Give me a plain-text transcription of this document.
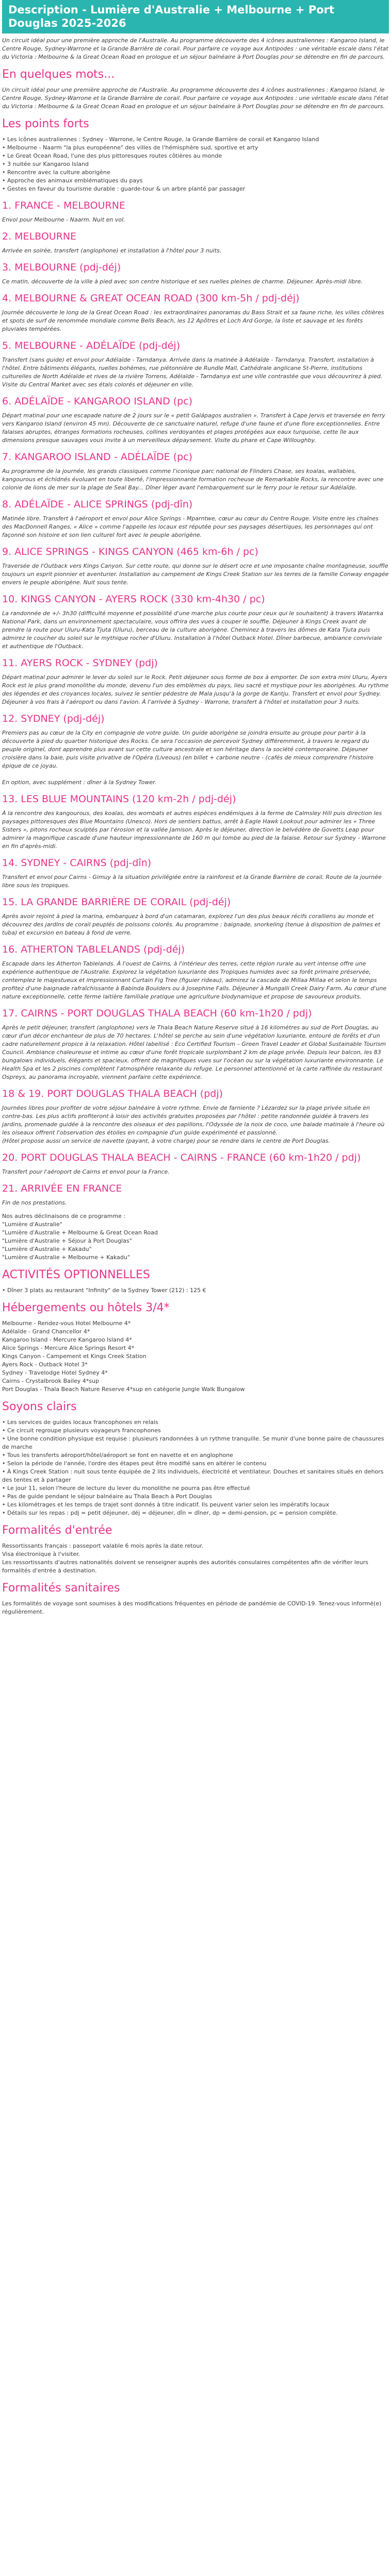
Description - Lumière d'Australie + Melbourne + Port Douglas 2025-2026

Un circuit idéal pour une première approche de l'Australie. Au programme découverte des 4 icônes australiennes : Kangaroo Island, le Centre Rouge, Sydney-Warrone et la Grande Barrière de corail. Pour parfaire ce voyage aux Antipodes : une véritable escale dans l'état du Victoria : Melbourne & la Great Ocean Road en prologue et un séjour balnéaire à Port Douglas pour se détendre en fin de parcours.

En quelques mots...

Un circuit idéal pour une première approche de l'Australie. Au programme découverte des 4 icônes australiennes : Kangaroo Island, le Centre Rouge, Sydney-Warrone et la Grande Barrière de corail. Pour parfaire ce voyage aux Antipodes : une véritable escale dans l'état du Victoria : Melbourne & la Great Ocean Road en prologue et un séjour balnéaire à Port Douglas pour se détendre en fin de parcours.

Les points forts
• Les icônes australiennes : Sydney - Warrone, le Centre Rouge, la Grande Barrière de corail et Kangaroo Island
• Melbourne - Naarm "la plus européenne" des villes de l'hémisphère sud, sportive et arty
• Le Great Ocean Road, l'une des plus pittoresques routes côtières au monde
• 3 nuitée sur Kangaroo Island
• Rencontre avec la culture aborigène
• Approche des animaux emblématiques du pays
• Gestes en faveur du tourisme durable : guarde-tour & un arbre planté par passager
1. FRANCE - MELBOURNE

Envol pour Melbourne - Naarm. Nuit en vol.

2. MELBOURNE

Arrivée en soirée, transfert (anglophone) et installation à l'hôtel pour 3 nuits.

3. MELBOURNE (pdj-déj)

Ce matin, découverte de la ville à pied avec son centre historique et ses ruelles pleines de charme. Déjeuner. Après-midi libre.

4. MELBOURNE & GREAT OCEAN ROAD (300 km-5h / pdj-déj)

Journée découverte le long de la Great Ocean Road : les extraordinaires panoramas du Bass Strait et sa faune riche, les villes côtières et spots de surf de renommée mondiale comme Bells Beach, les 12 Apôtres et Loch Ard Gorge, la liste et sauvage et les forêts pluviales tempérées.

5. MELBOURNE - ADÉLAÏDE (pdj-déj)

Transfert (sans guide) et envol pour Adélaïde - Tarndanya. Arrivée dans la matinée à Adélaïde - Tarndanya. Transfert, installation à l'hôtel. Entre bâtiments élégants, ruelles bohèmes, rue piétonnière de Rundle Mall, Cathédrale anglicane St-Pierre, institutions culturelles de North Adélaïde et rives de la rivière Torrens, Adélaïde - Tarndanya est une ville contrastée que vous découvrirez à pied. Visite du Central Market avec ses étals colorés et déjeuner en ville.

6. ADÉLAÏDE - KANGAROO ISLAND (pc)

Départ matinal pour une escapade nature de 2 jours sur le « petit Galápagos australien ». Transfert à Cape Jervis et traversée en ferry vers Kangaroo Island (environ 45 mn). Découverte de ce sanctuaire naturel, refuge d'une faune et d'une flore exceptionnelles. Entre falaises abruptes, étranges formations rocheuses, collines verdoyantes et plages protégées aux eaux turquoise, cette île aux dimensions presque sauvages vous invite à un merveilleux dépaysement. Visite du phare et Cape Willoughby.

7. KANGAROO ISLAND - ADÉLAÏDE (pc)

Au programme de la journée, les grands classiques comme l'iconique parc national de Flinders Chase, ses koalas, wallabies, kangourous et échidnés évoluant en toute liberté, l'impressionnante formation rocheuse de Remarkable Rocks, la rencontre avec une colonie de lions de mer sur la plage de Seal Bay... Dîner léger avant l'embarquement sur le ferry pour le retour sur Adélaïde.

8. ADÉLAÏDE - ALICE SPRINGS (pdj-dîn)

Matinée libre. Transfert à l'aéroport et envol pour Alice Springs - Mparntwe, cœur au cœur du Centre Rouge. Visite entre les chaînes des MacDonnell Ranges, « Alice » comme l'appelle les locaux est réputée pour ses paysages désertiques, les personnages qui ont façonné son histoire et son lien culturel fort avec le peuple aborigène.

9. ALICE SPRINGS - KINGS CANYON (465 km-6h / pc)

Traversée de l'Outback vers Kings Canyon. Sur cette route, qui donne sur le désert ocre et une imposante chaîne montagneuse, souffle toujours un esprit pionnier et aventurier. Installation au campement de Kings Creek Station sur les terres de la famille Conway engagée envers le peuple aborigène. Nuit sous tente.

10. KINGS CANYON - AYERS ROCK (330 km-4h30 / pc)

La randonnée de +/- 3h30 (difficulté moyenne et possibilité d'une marche plus courte pour ceux qui le souhaitent) à travers Watarrka National Park, dans un environnement spectaculaire, vous offrira des vues à couper le souffle. Déjeuner à Kings Creek avant de prendre la route pour Uluru-Kata Tjuta (Uluru), berceau de la culture aborigène. Cheminez à travers les dômes de Kata Tjuta puis admirez le coucher du soleil sur le mythique rocher d'Uluru. Installation à l'hôtel Outback Hotel. Dîner barbecue, ambiance conviviale et authentique de l'Outback.

11. AYERS ROCK - SYDNEY (pdj)

Départ matinal pour admirer le lever du soleil sur le Rock. Petit déjeuner sous forme de box à emporter. De son extra mini Uluru, Ayers Rock est le plus grand monolithe du monde, devenu l'un des emblèmes du pays, lieu sacré et mystique pour les aborigènes. Au rythme des légendes et des croyances locales, suivez le sentier pédestre de Mala jusqu'à la gorge de Kantju. Transfert et envol pour Sydney. Déjeuner à vos frais à l'aéroport ou dans l'avion. À l'arrivée à Sydney - Warrone, transfert à l'hôtel et installation pour 3 nuits.

12. SYDNEY (pdj-déj)

Premiers pas au cœur de la City en compagnie de votre guide. Un guide aborigène se joindra ensuite au groupe pour partir à la découverte à pied du quartier historique des Rocks. Ce sera l'occasion de percevoir Sydney différemment, à travers le regard du peuple originel, dont apprendre plus avant sur cette culture ancestrale et son héritage dans la société contemporaine. Déjeuner croisière dans la baie, puis visite privative de l'Opéra (Liveous) (en billet + carbone neutre - (cafés de mieux comprendre l'histoire épique de ce joyau.

En option, avec supplément : dîner à la Sydney Tower.

13. LES BLUE MOUNTAINS (120 km-2h / pdj-déj)

À la rencontre des kangourous, des koalas, des wombats et autres espèces endémiques à la ferme de Calmsley Hill puis direction les paysages pittoresques des Blue Mountains (Unesco). Hors de sentiers battus, arrêt à Eagle Hawk Lookout pour admirer les « Three Sisters », pitons rocheux sculptés par l'érosion et la vallée Jamison. Après le déjeuner, direction le belvédère de Govetts Leap pour admirer la magnifique cascade d'une hauteur impressionnante de 160 m qui tombe au pied de la falaise. Retour sur Sydney - Warrone en fin d'après-midi.

14. SYDNEY - CAIRNS (pdj-dîn)

Transfert et envol pour Cairns - Gimuy à la situation privilégiée entre la rainforest et la Grande Barrière de corail. Route de la journée libre sous les tropiques.

15. LA GRANDE BARRIÈRE DE CORAIL (pdj-déj)

Après avoir rejoint à pied la marina, embarquez à bord d'un catamaran, explorez l'un des plus beaux récifs coralliens au monde et découvrez des jardins de corail peuplés de poissons colorés. Au programme : baignade, snorkeling (tenue à disposition de palmes et tuba) et excursion en bateau à fond de verre.

16. ATHERTON TABLELANDS (pdj-déj)

Escapade dans les Atherton Tablelands. À l'ouest de Cairns, à l'intérieur des terres, cette région rurale au vert intense offre une expérience authentique de l'Australie. Explorez la végétation luxuriante des Tropiques humides avec sa forêt primaire préservée, contemplez le majestueux et impressionnant Curtain Fig Tree (figuier rideau), admirez la cascade de Millaa Millaa et selon le temps profitez d'une baignade rafraîchissante à Babinda Boulders ou à Josephine Falls. Déjeuner à Mungalli Creek Dairy Farm. Au cœur d'une nature exceptionnelle, cette ferme laitière familiale pratique une agriculture biodynamique et propose de savoureux produits.

17. CAIRNS - PORT DOUGLAS THALA BEACH (60 km-1h20 / pdj)

Après le petit déjeuner, transfert (anglophone) vers le Thala Beach Nature Reserve situé à 16 kilomètres au sud de Port Douglas, au cœur d'un décor enchanteur de plus de 70 hectares. L'hôtel se perche au sein d'une végétation luxuriante, entouré de forêts et d'un cadre naturellement propice à la relaxation. Hôtel labellisé : Eco Certified Tourism – Green Travel Leader et Global Sustainable Tourism Council. Ambiance chaleureuse et intime au cœur d'une forêt tropicale surplombant 2 km de plage privée. Depuis leur balcon, les 83 bungalows individuels, élégants et spacieux, offrent de magnifiques vues sur l'océan ou sur la végétation luxuriante environnante. Le Health Spa et les 2 piscines complètent l'atmosphère relaxante du refuge. Le personnel attentionné et la carte raffinée du restaurant Ospreys, au panorama incroyable, viennent parfaire cette expérience.

18 & 19. PORT DOUGLAS THALA BEACH (pdj)

Journées libres pour profiter de votre séjour balnéaire à votre rythme. Envie de farniente ? Lézardez sur la plage privée située en contre-bas. Les plus actifs profiteront à loisir des activités gratuites proposées par l'hôtel : petite randonnée guidée à travers les jardins, promenade guidée à la rencontre des oiseaux et des papillons, l'Odyssée de la noix de coco, une balade matinale à l'heure où les oiseaux offrent l'observation des étoiles en compagnie d'un guide expérimenté et passionné.
(Hôtel propose aussi un service de navette (payant, à votre charge) pour se rendre dans le centre de Port Douglas.

20. PORT DOUGLAS THALA BEACH - CAIRNS - FRANCE (60 km-1h20 / pdj)

Transfert pour l'aéroport de Cairns et envol pour la France.

21. ARRIVÉE EN FRANCE

Fin de nos prestations.

Nos autres déclinaisons de ce programme :
"Lumière d'Australie"
"Lumière d'Australie + Melbourne & Great Ocean Road
"Lumière d'Australie + Séjour à Port Douglas"
"Lumière d'Australie + Kakadu"
"Lumière d'Australie + Melbourne + Kakadu"
ACTIVITÉS OPTIONNELLES
• Dîner 3 plats au restaurant "Infinity" de la Sydney Tower (212) : 125 €
Hébergements ou hôtels 3/4*
Melbourne - Rendez-vous Hotel Melbourne 4*
Adélaïde - Grand Chancellor 4*
Kangaroo Island - Mercure Kangaroo Island 4*
Alice Springs - Mercure Alice Springs Resort 4*
Kings Canyon - Campement et Kings Creek Station
Ayers Rock - Outback Hotel 3*
Sydney - Travelodge Hotel Sydney 4*
Cairns - Crystalbrook Bailey 4*sup
Port Douglas - Thala Beach Nature Reserve 4*sup en catégorie Jungle Walk Bungalow
Soyons clairs
• Les services de guides locaux francophones en relais
• Ce circuit regroupe plusieurs voyageurs francophones
• Une bonne condition physique est requise : plusieurs randonnées à un rythme tranquille. Se munir d'une bonne paire de chaussures de marche
• Tous les transferts aéroport/hôtel/aéroport se font en navette et en anglophone
• Selon la période de l'année, l'ordre des étapes peut être modifié sans en altérer le contenu
• À Kings Creek Station : nuit sous tente équipée de 2 lits individuels, électricité et ventilateur. Douches et sanitaires situés en dehors des tentes et à partager
• Le jour 11, selon l'heure de lecture du lever du monolithe ne pourra pas être effectué
• Pas de guide pendant le séjour balnéaire au Thala Beach à Port Douglas
• Les kilométrages et les temps de trajet sont donnés à titre indicatif. Ils peuvent varier selon les impératifs locaux
• Détails sur les repas : pdj = petit déjeuner, déj = déjeuner, dîn = dîner, dp = demi-pension, pc = pension complète.
Formalités d'entrée
Ressortissants français : passeport valable 6 mois après la date retour.
Visa électronique à l'visiter.
Les ressortissants d'autres nationalités doivent se renseigner auprès des autorités consulaires compétentes afin de vérifier leurs formalités d'entrée à destination.
Formalités sanitaires

Les formalités de voyage sont soumises à des modifications fréquentes en période de pandémie de COVID-19. Tenez-vous informé(e) régulièrement.
